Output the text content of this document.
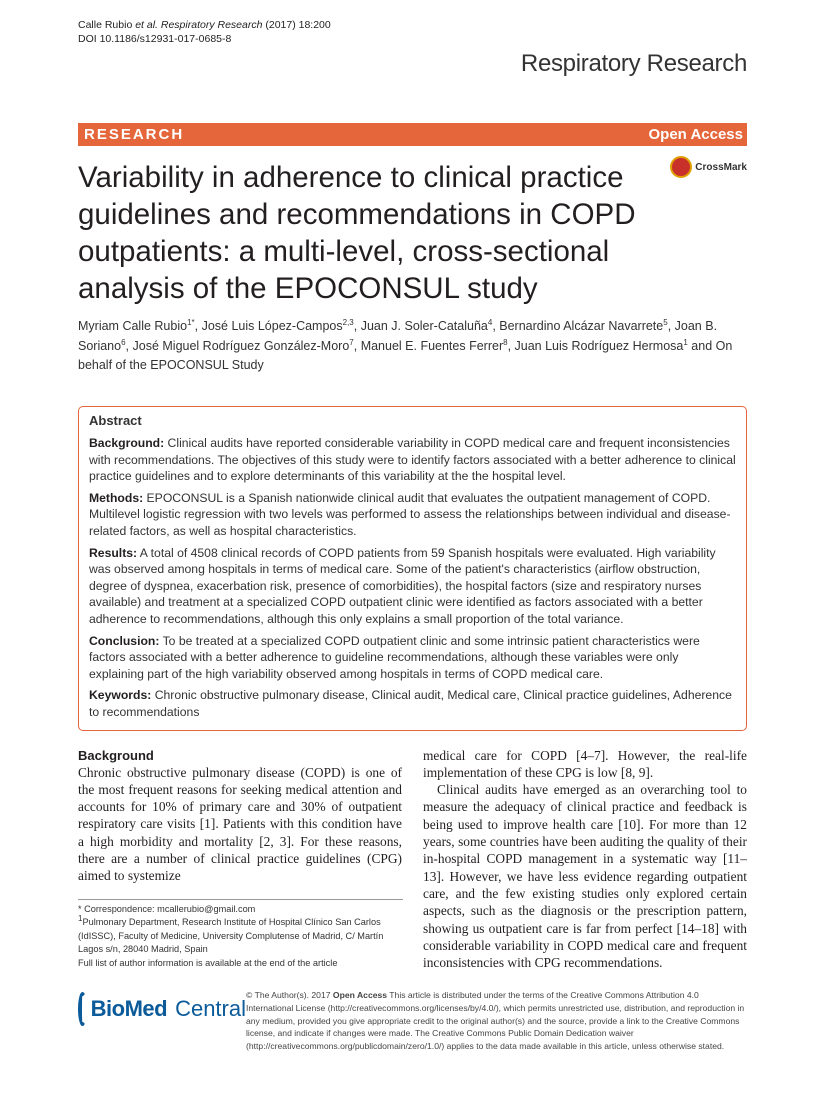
Calle Rubio et al. Respiratory Research (2017) 18:200
DOI 10.1186/s12931-017-0685-8
Respiratory Research
RESEARCH	Open Access
Variability in adherence to clinical practice guidelines and recommendations in COPD outpatients: a multi-level, cross-sectional analysis of the EPOCONSUL study
CrossMark
Myriam Calle Rubio$^{1*}$, José Luis López-Campos$^{2,3}$, Juan J. Soler-Cataluña$^4$, Bernardino Alcázar Navarrete$^5$, Joan B. Soriano$^6$, José Miguel Rodríguez González-Moro$^7$, Manuel E. Fuentes Ferrer$^8$, Juan Luis Rodríguez Hermosa$^1$ and On behalf of the EPOCONSUL Study
Abstract

Background: Clinical audits have reported considerable variability in COPD medical care and frequent inconsistencies with recommendations. The objectives of this study were to identify factors associated with a better adherence to clinical practice guidelines and to explore determinants of this variability at the the hospital level.

Methods: EPOCONSUL is a Spanish nationwide clinical audit that evaluates the outpatient management of COPD. Multilevel logistic regression with two levels was performed to assess the relationships between individual and disease-related factors, as well as hospital characteristics.

Results: A total of 4508 clinical records of COPD patients from 59 Spanish hospitals were evaluated. High variability was observed among hospitals in terms of medical care. Some of the patient's characteristics (airflow obstruction, degree of dyspnea, exacerbation risk, presence of comorbidities), the hospital factors (size and respiratory nurses available) and treatment at a specialized COPD outpatient clinic were identified as factors associated with a better adherence to recommendations, although this only explains a small proportion of the total variance.

Conclusion: To be treated at a specialized COPD outpatient clinic and some intrinsic patient characteristics were factors associated with a better adherence to guideline recommendations, although these variables were only explaining part of the high variability observed among hospitals in terms of COPD medical care.

Keywords: Chronic obstructive pulmonary disease, Clinical audit, Medical care, Clinical practice guidelines, Adherence to recommendations

Background

Chronic obstructive pulmonary disease (COPD) is one of the most frequent reasons for seeking medical attention and accounts for 10% of primary care and 30% of outpatient respiratory care visits [1]. Patients with this condition have a high morbidity and mortality [2, 3]. For these reasons, there are a number of clinical practice guidelines (CPG) aimed to systemize

* Correspondence: mcallerubio@gmail.com
$^1$Pulmonary Department, Research Institute of Hospital Clínico San Carlos (IdISSC), Faculty of Medicine, University Complutense of Madrid, C/ Martín Lagos s/n, 28040 Madrid, Spain
Full list of author information is available at the end of the article

medical care for COPD [4–7]. However, the real-life implementation of these CPG is low [8, 9].

Clinical audits have emerged as an overarching tool to measure the adequacy of clinical practice and feedback is being used to improve health care [10]. For more than 12 years, some countries have been auditing the quality of their in-hospital COPD management in a systematic way [11–13]. However, we have less evidence regarding outpatient care, and the few existing studies only explored certain aspects, such as the diagnosis or the prescription pattern, showing us outpatient care is far from perfect [14–18] with considerable variability in COPD medical care and frequent inconsistencies with CPG recommendations.

BioMed Central
© The Author(s). 2017 Open Access This article is distributed under the terms of the Creative Commons Attribution 4.0 International License (http://creativecommons.org/licenses/by/4.0/), which permits unrestricted use, distribution, and reproduction in any medium, provided you give appropriate credit to the original author(s) and the source, provide a link to the Creative Commons license, and indicate if changes were made. The Creative Commons Public Domain Dedication waiver (http://creativecommons.org/publicdomain/zero/1.0/) applies to the data made available in this article, unless otherwise stated.
